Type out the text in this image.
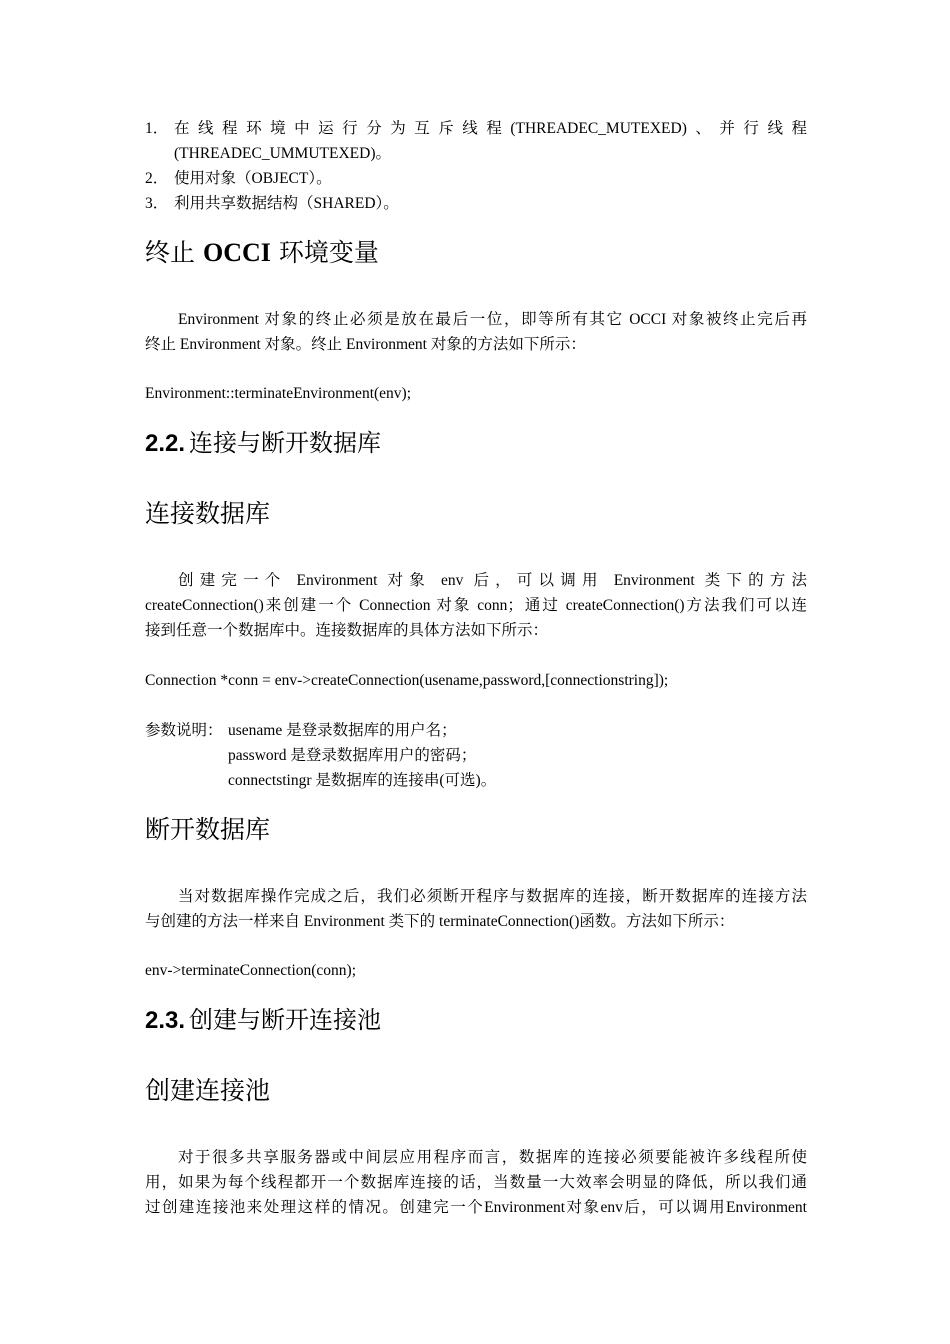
1． 在线程环境中运行分为互斥线程(THREADEC_MUTEXED)、并行线程
(THREADEC_UMMUTEXED)。
2． 使用对象（OBJECT）。
3． 利用共享数据结构（SHARED）。
终止 OCCI 环境变量
Environment 对象的终止必须是放在最后一位，即等所有其它 OCCI 对象被终止完后再
终止 Environment 对象。终止 Environment 对象的方法如下所示：
Environment::terminateEnvironment(env);
2.2. 连接与断开数据库
连接数据库
创建完一个 Environment 对象 env 后，可以调用 Environment 类下的方法
createConnection()来创建一个 Connection 对象 conn；通过 createConnection()方法我们可以连
接到任意一个数据库中。连接数据库的具体方法如下所示：
Connection *conn = env->createConnection(usename,password,[connectionstring]);
参数说明： usename 是登录数据库的用户名；
password 是登录数据库用户的密码；
connectstingr 是数据库的连接串(可选)。
断开数据库
当对数据库操作完成之后，我们必须断开程序与数据库的连接，断开数据库的连接方法
与创建的方法一样来自 Environment 类下的 terminateConnection()函数。方法如下所示：
env->terminateConnection(conn);
2.3. 创建与断开连接池
创建连接池
对于很多共享服务器或中间层应用程序而言，数据库的连接必须要能被许多线程所使
用，如果为每个线程都开一个数据库连接的话，当数量一大效率会明显的降低，所以我们通
过创建连接池来处理这样的情况。创建完一个Environment对象env后，可以调用Environment
